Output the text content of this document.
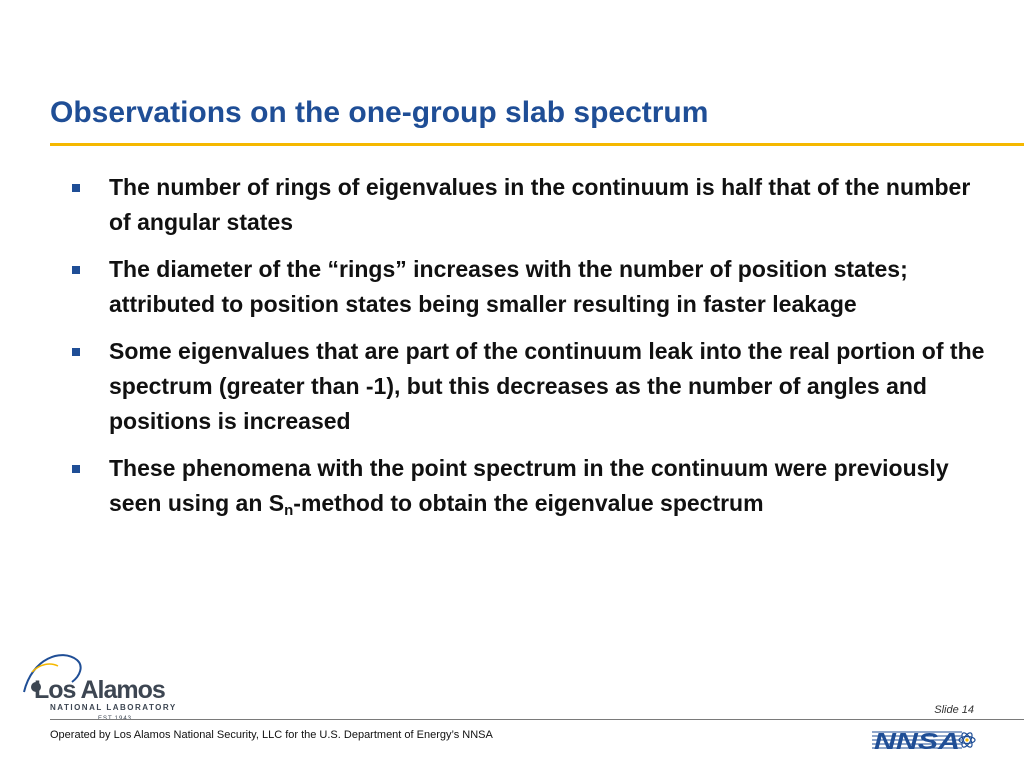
Observations on the one-group slab spectrum
The number of rings of eigenvalues in the continuum is half that of the number of angular states
The diameter of the “rings” increases with the number of position states; attributed to position states being smaller resulting in faster leakage
Some eigenvalues that are part of the continuum leak into the real portion of the spectrum (greater than -1), but this decreases as the number of angles and positions is increased
These phenomena with the point spectrum in the continuum were previously seen using an $S_n$-method to obtain the eigenvalue spectrum
Los Alamos
NATIONAL LABORATORY	Slide 14
Operated by Los Alamos National Security, LLC for the U.S. Department of Energy’s NNSA	NNSA
